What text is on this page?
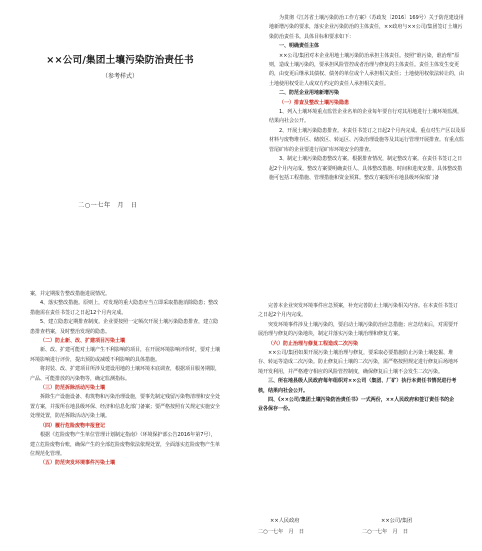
××公司/集团土壤污染防治责任书
（参考样式）
二○一七年　月　日

为贯彻《江苏省土壤污染防治工作方案》（苏政发〔2016〕169号）关于防范建设用地新增污染的要求，落实企业污染防治的主体责任，××政府与××公司/集团签订土壤污染防治责任书。具体目标和要求如下：

一、明确责任主体

××公司/集团对本企业用地土壤污染防治承担主体责任。按照“谁污染，谁治理”原则，造成土壤污染的，要承担风险管控或者治理与修复的主体责任。责任主体发生变更的，由变更后继承其债权、债务的单位或个人承担相关责任；土地使用权依法转让的，由土地使用权受让人或双方约定的责任人承担相关责任。

二、防范企业用地新增污染

（一）排查及整改土壤污染隐患

1、列入土壤环境重点监管企业名单的企业每年要自行对其用地进行土壤环境监测，结果向社会公开。

2、开展土壤污染隐患排查。本责任书签订之日起2个月内完成。重点对生产区以及原材料与废物堆存区、储放区、转运区、污染治理设施等及其运行管理开展排查。有重点监管尾矿库的企业要进行尾矿库环境安全的排查。

3、制定土壤污染隐患整改方案。根据排查情况，制定整改方案。在责任书签订之日起2个月内完成。整改方案要明确责任人、具体整改措施、时间和进度安排。具体整改措施可包括工程措施、管理措施和资金预算。整改方案报所在地县级环保部门备

案，并定期报告整改措施进展情况。

4、落实整改措施。原则上，对发现的重大隐患应当立即采取措施消除隐患；整改措施需在责任书签订之日起12个月内完成。

5、建立隐患定期排查制度。企业要按照一定频次开展土壤污染隐患排查，建立隐患排查档案，及时整治发现的隐患。

（二）防止新、改、扩建项目污染土壤

新、改、扩建可能对土壤产生不利影响的项目，在开展环境影响评价时，要对土壤环境影响进行评价，提出预防或减缓不利影响的具体措施。

将封装、改、扩建项目所涉及建设用地的土壤环境本底调查，根据项目服务期限，产品、可能排放的污染物等，确定监测指标。

（三）防范拆除活动污染土壤

拆除生产设施设备、构筑物和污染治理设施，要事先制定残留污染物清理和安全处置方案，并报所在地县级环保、经济和信息化部门备案；要严格按照有关规定实施安全处理处置，防范拆除活动污染土壤。

（四）履行危险废物申报登记

根据《危险废物产生单位管理计划制定指南》（环境保护部公告2016年第7号），建立危险废物台账，确保产生的全部危险废物依法依规处置，全面落实危险废物产生单位规范化管理。

（五）防范突发环境事件污染土壤

完善本企业突发环境事件应急预案，补充完善防止土壤污染相关内容。在本责任书签订之日起2个月内完成。

突发环境事件涉及土壤污染的，要启动土壤污染防治应急措施；应急结束后，对需要开展治理与修复的污染地块，制定并落实污染土壤治理和修复方案。

（六）防止治理与修复工程造成二次污染

××公司/集团如果开展污染土壤治理与修复，要采取必要措施防止污染土壤挖掘、堆存、转运等造成二次污染。防止修复后土壤的二次污染，需严格按照规定进行修复后场地环境开发利用，并严格遵守相应的风险管控制度，确保修复后土壤不会发生二次污染。

三、所在地县级人民政府每年组织对××公司（集团、厂矿）执行本责任书情况进行考核，结果向社会公开。

四、《××公司/集团土壤污染防治责任书》一式两份，××人民政府和签订责任书的企业各保存一份。

××人民政府	××公司/集团
二○一七年　月　日	二○一七年　月　日
